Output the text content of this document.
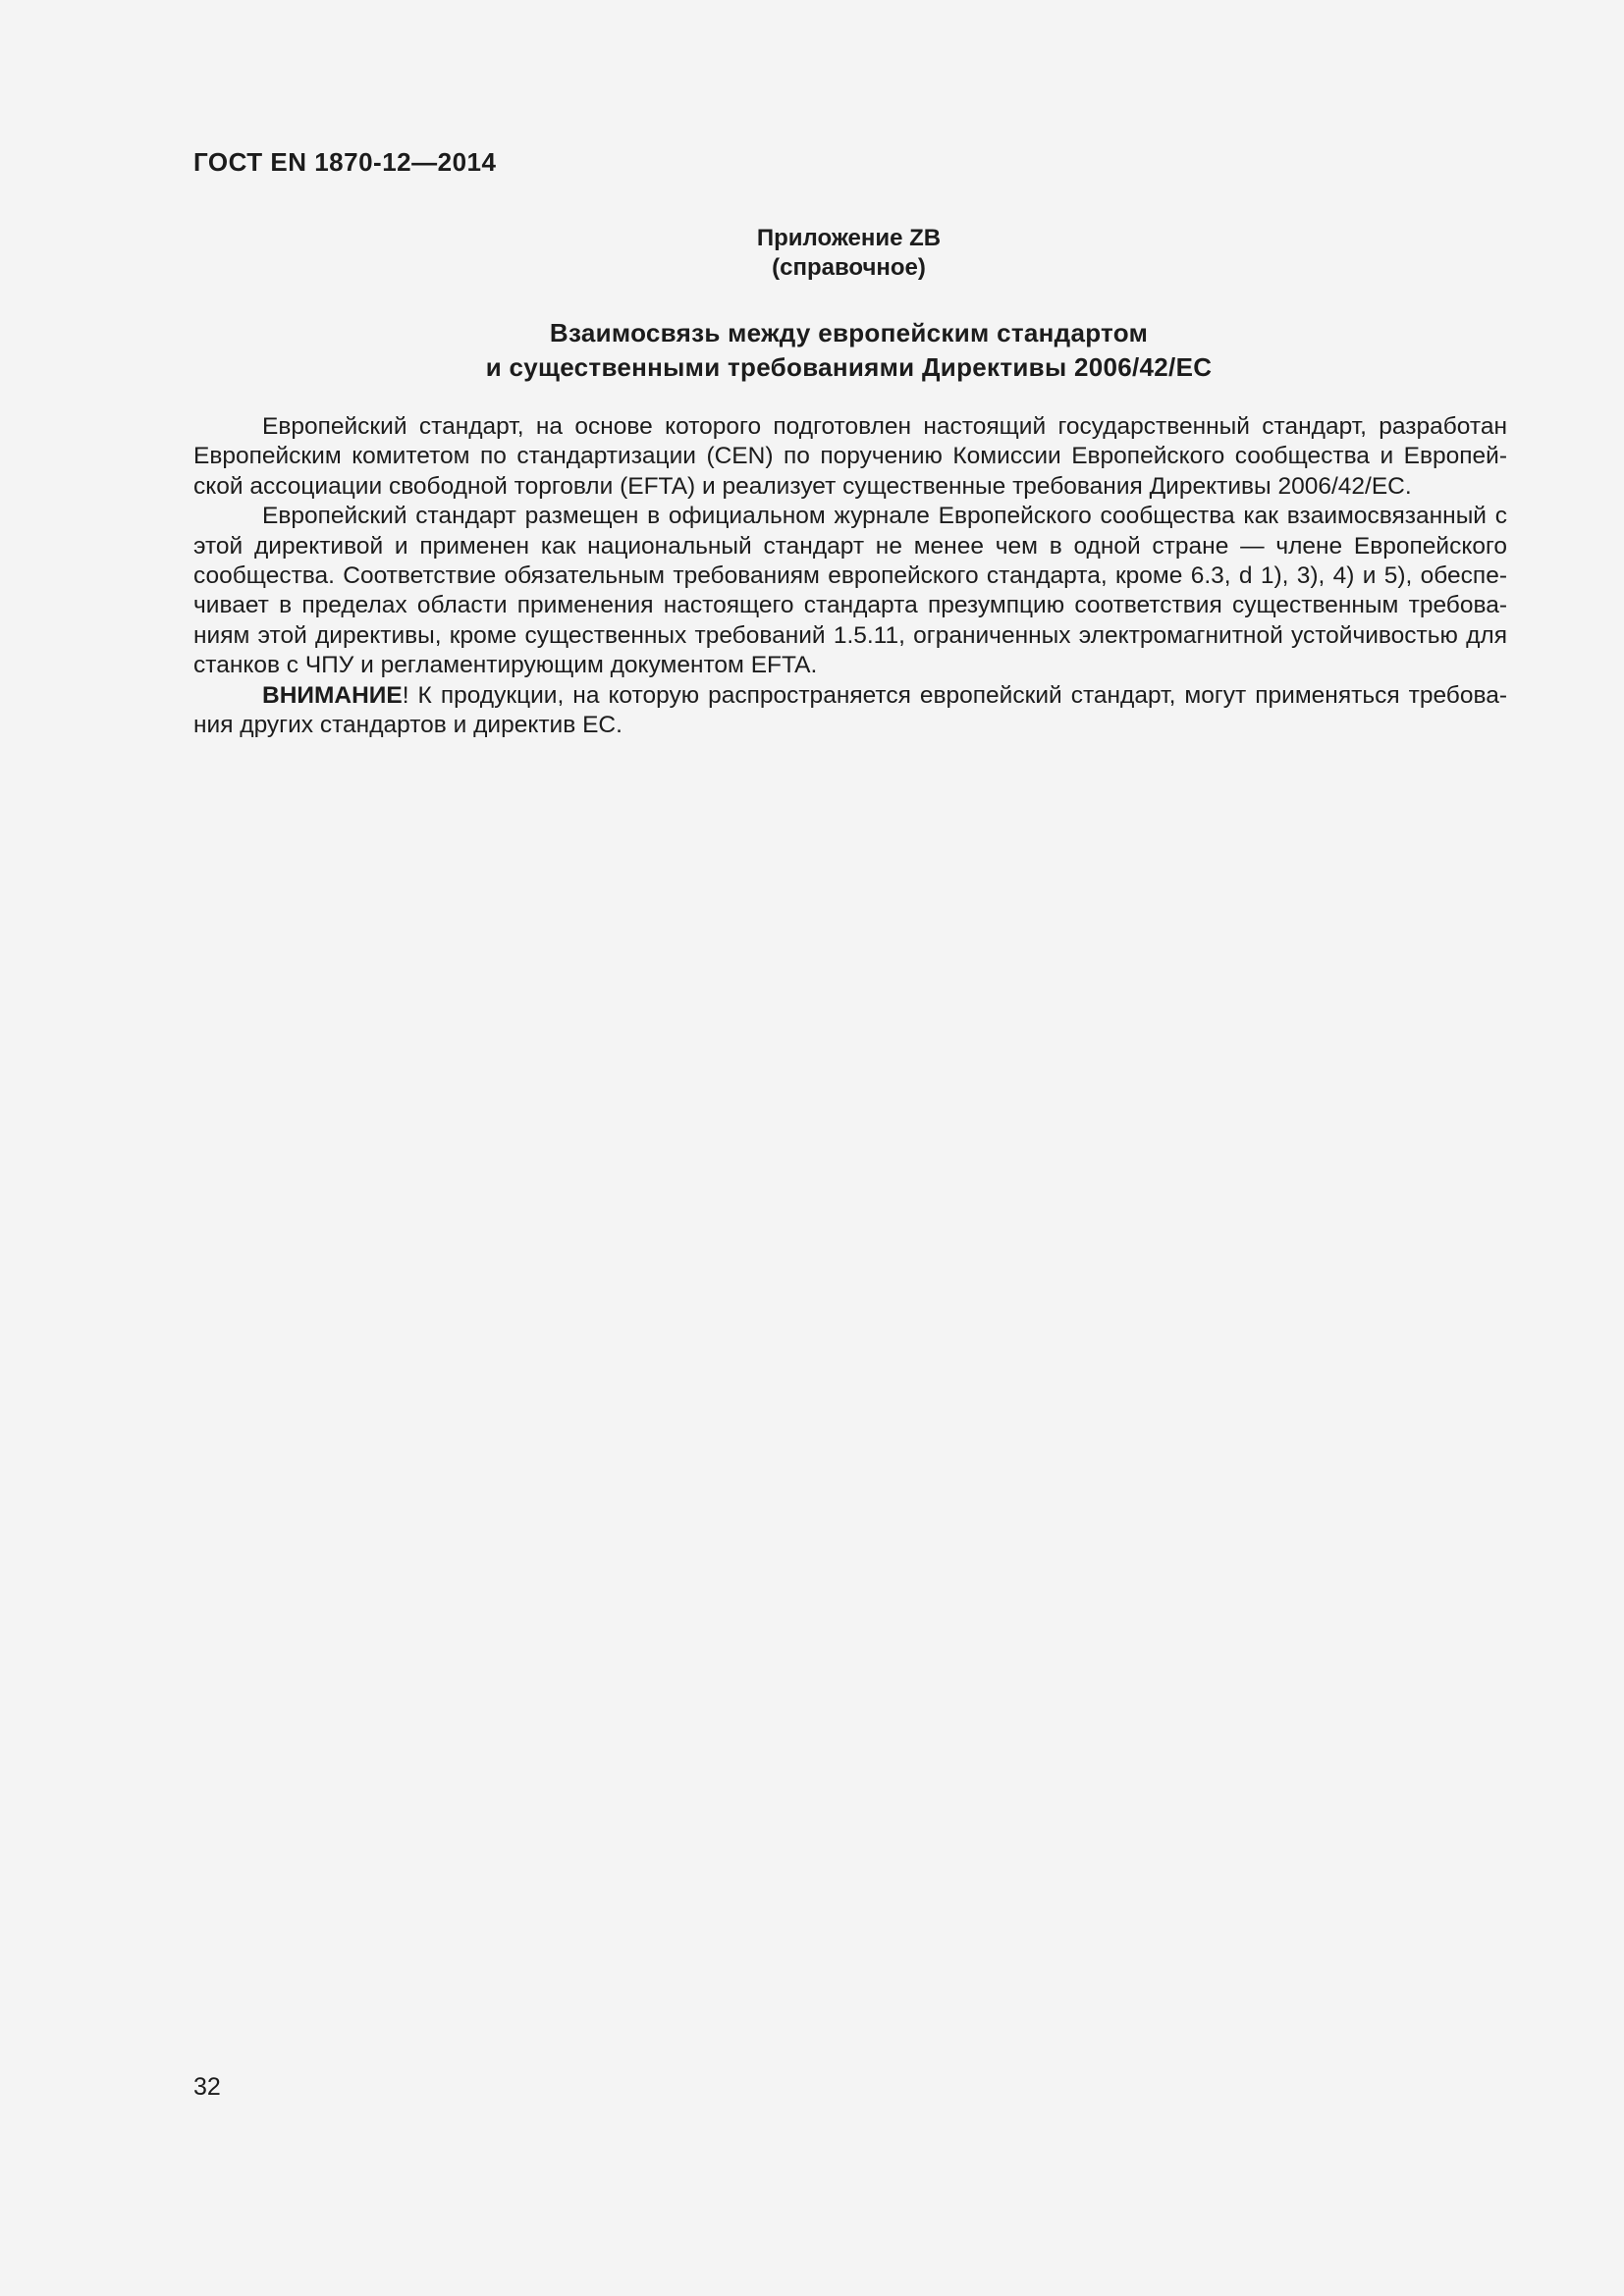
ГОСТ EN 1870-12—2014
Приложение ZB
(справочное)
Взаимосвязь между европейским стандартом
и существенными требованиями Директивы 2006/42/ЕС

Европейский стандарт, на основе которого подготовлен настоящий государственный стандарт, разработан Европейским комитетом по стандартизации (CEN) по поручению Комиссии Европейского сообщества и Европейской ассоциации свободной торговли (EFTA) и реализует существенные требования Директивы 2006/42/ЕС.

Европейский стандарт размещен в официальном журнале Европейского сообщества как взаимосвязанный с этой директивой и применен как национальный стандарт не менее чем в одной стране — члене Европейского сообщества. Соответствие обязательным требованиям европейского стандарта, кроме 6.3, d 1), 3), 4) и 5), обеспечивает в пределах области применения настоящего стандарта презумпцию соответствия существенным требованиям этой директивы, кроме существенных требований 1.5.11, ограниченных электромагнитной устойчивостью для станков с ЧПУ и регламентирующим документом EFTA.

ВНИМАНИЕ! К продукции, на которую распространяется европейский стандарт, могут применяться требования других стандартов и директив ЕС.

32
